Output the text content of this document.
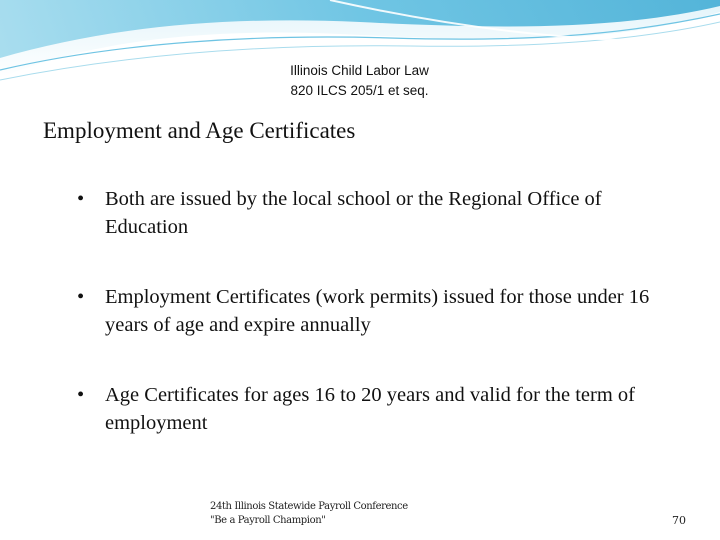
Illinois Child Labor Law
820 ILCS 205/1 et seq.
Employment and Age Certificates
• Both are issued by the local school or the Regional Office of Education
• Employment Certificates (work permits) issued for those under 16 years of age and expire annually
• Age Certificates for ages 16 to 20 years and valid for the term of employment
24th Illinois Statewide Payroll Conference
"Be a Payroll Champion"	70
